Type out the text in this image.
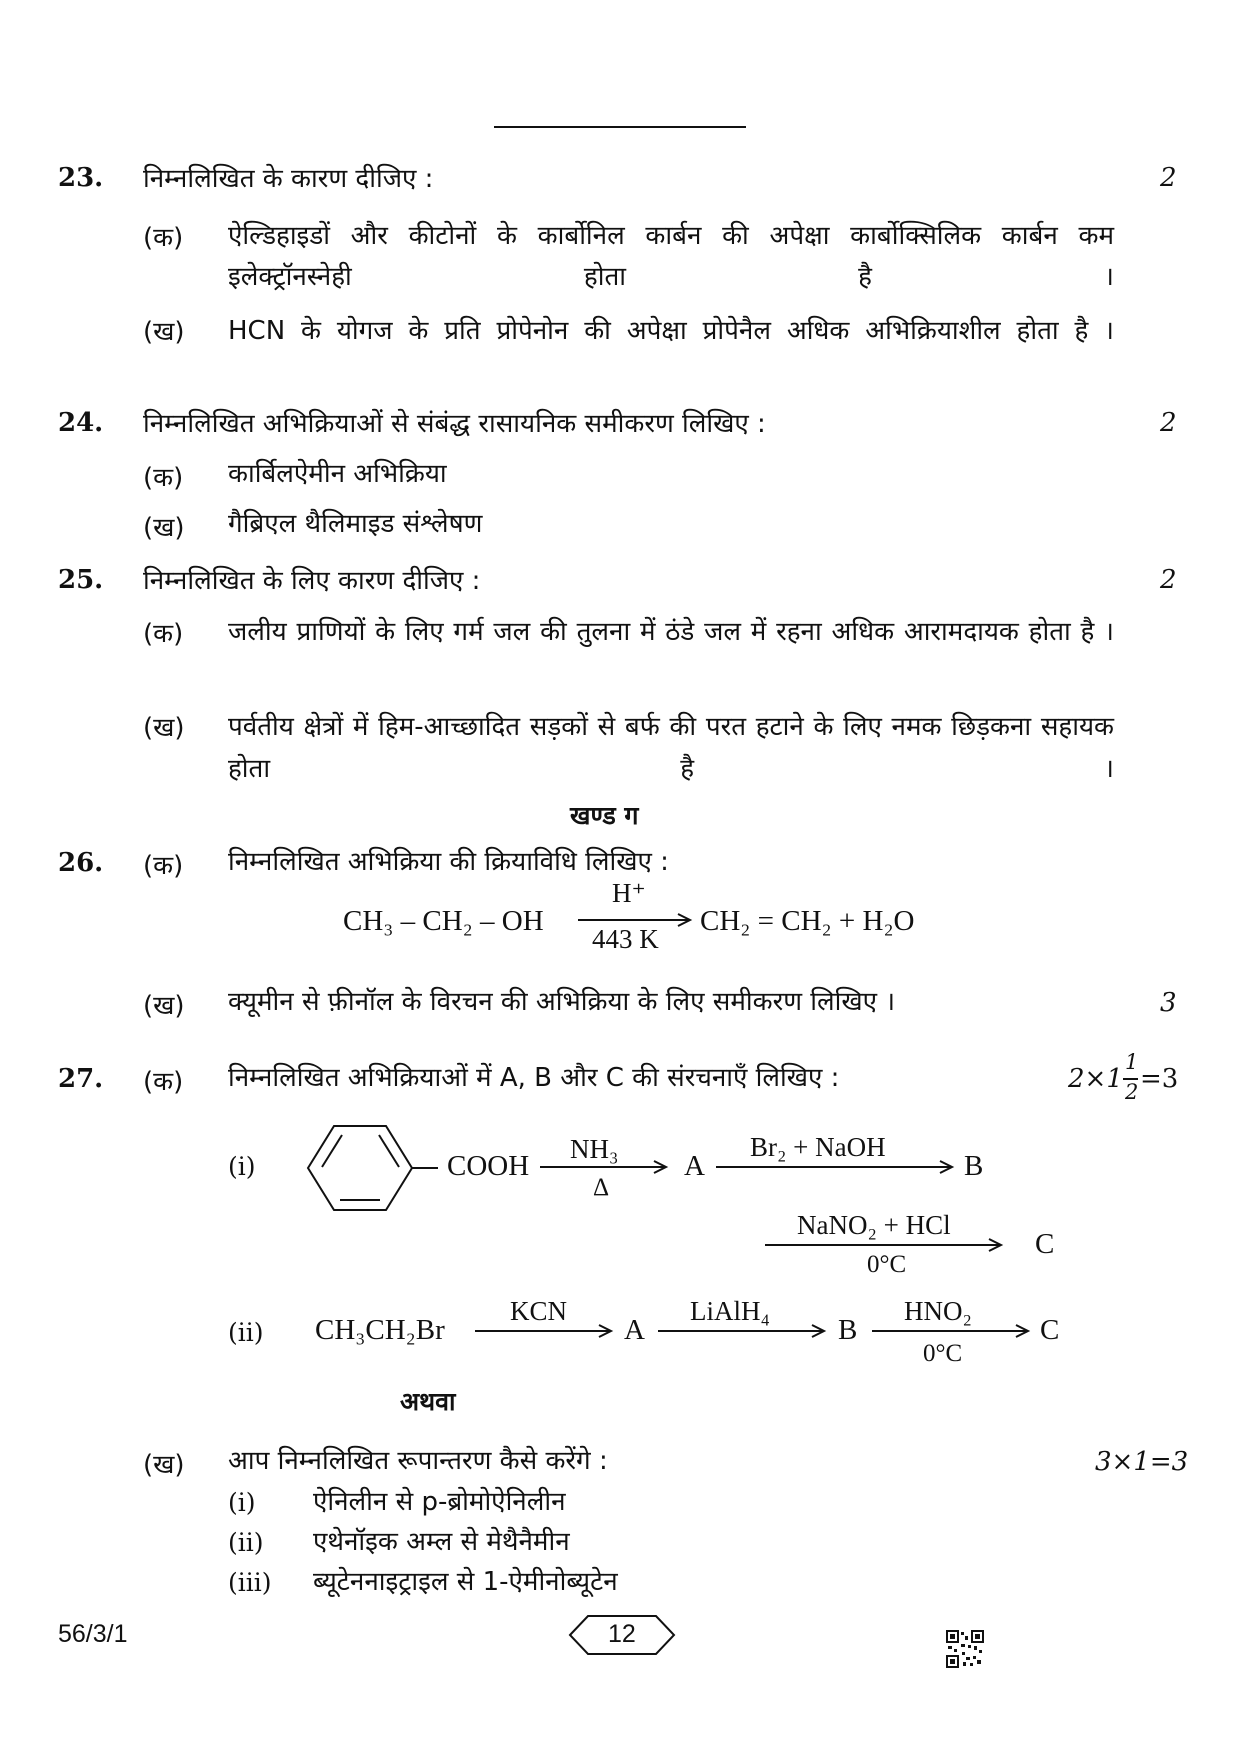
23. निम्नलिखित के कारण दीजिए :	2
(क) ऐल्डिहाइडों और कीटोनों के कार्बोनिल कार्बन की अपेक्षा कार्बोक्सिलिक कार्बन कम इलेक्ट्रॉनस्नेही होता है ।
(ख) HCN के योगज के प्रति प्रोपेनोन की अपेक्षा प्रोपेनैल अधिक अभिक्रियाशील होता है ।
24. निम्नलिखित अभिक्रियाओं से संबंद्ध रासायनिक समीकरण लिखिए :	2
(क) कार्बिलऐमीन अभिक्रिया
(ख) गैब्रिएल थैलिमाइड संश्लेषण
25. निम्नलिखित के लिए कारण दीजिए :	2
(क) जलीय प्राणियों के लिए गर्म जल की तुलना में ठंडे जल में रहना अधिक आरामदायक होता है ।
(ख) पर्वतीय क्षेत्रों में हिम-आच्छादित सड़कों से बर्फ की परत हटाने के लिए नमक छिड़कना सहायक होता है ।
खण्ड ग
26. (क) निम्नलिखित अभिक्रिया की क्रियाविधि लिखिए :
CH₃ – CH₂ – OH
H⁺
443 K
CH₂ = CH₂ + H₂O
(ख) क्यूमीन से फ़ीनॉल के विरचन की अभिक्रिया के लिए समीकरण लिखिए ।	3
27. (क) निम्नलिखित अभिक्रियाओं में A, B और C की संरचनाएँ लिखिए :	2×1
1
2 =3
(i)	COOH
NH₃
Δ
A
Br₂ + NaOH
B
NaNO₂ + HCl
0°C
C
(ii) CH₃CH₂Br
KCN
A
LiAlH₄
B
HNO₂
0°C
C
अथवा
(ख) आप निम्नलिखित रूपान्तरण कैसे करेंगे :	3×1=3
(i) ऐनिलीन से p-ब्रोमोऐनिलीन
(ii) एथेनॉइक अम्ल से मेथैनैमीन
(iii) ब्यूटेननाइट्राइल से 1-ऐमीनोब्यूटेन
56/3/1	12
